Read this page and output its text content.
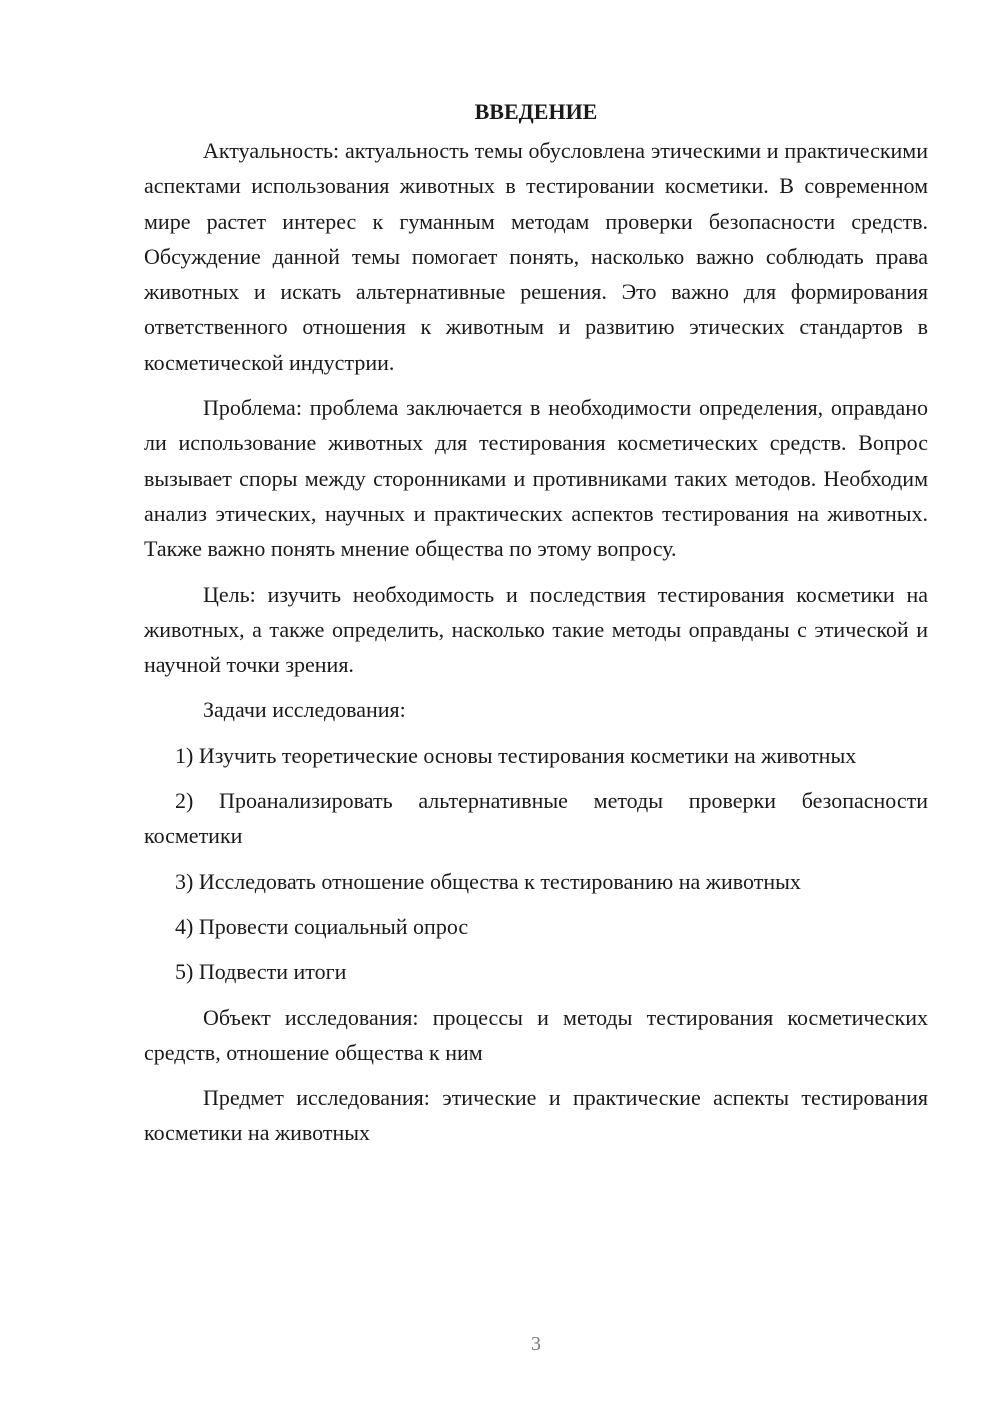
ВВЕДЕНИЕ

Актуальность: актуальность темы обусловлена этическими и практическими аспектами использования животных в тестировании косметики. В современном мире растет интерес к гуманным методам проверки безопасности средств. Обсуждение данной темы помогает понять, насколько важно соблюдать права животных и искать альтернативные решения. Это важно для формирования ответственного отношения к животным и развитию этических стандартов в косметической индустрии.

Проблема: проблема заключается в необходимости определения, оправдано ли использование животных для тестирования косметических средств. Вопрос вызывает споры между сторонниками и противниками таких методов. Необходим анализ этических, научных и практических аспектов тестирования на животных. Также важно понять мнение общества по этому вопросу.

Цель: изучить необходимость и последствия тестирования косметики на животных, а также определить, насколько такие методы оправданы с этической и научной точки зрения.

Задачи исследования:

1) Изучить теоретические основы тестирования косметики на животных

2) Проанализировать альтернативные методы проверки безопасности косметики

3) Исследовать отношение общества к тестированию на животных

4) Провести социальный опрос

5) Подвести итоги

Объект исследования: процессы и методы тестирования косметических средств, отношение общества к ним

Предмет исследования: этические и практические аспекты тестирования косметики на животных

3
